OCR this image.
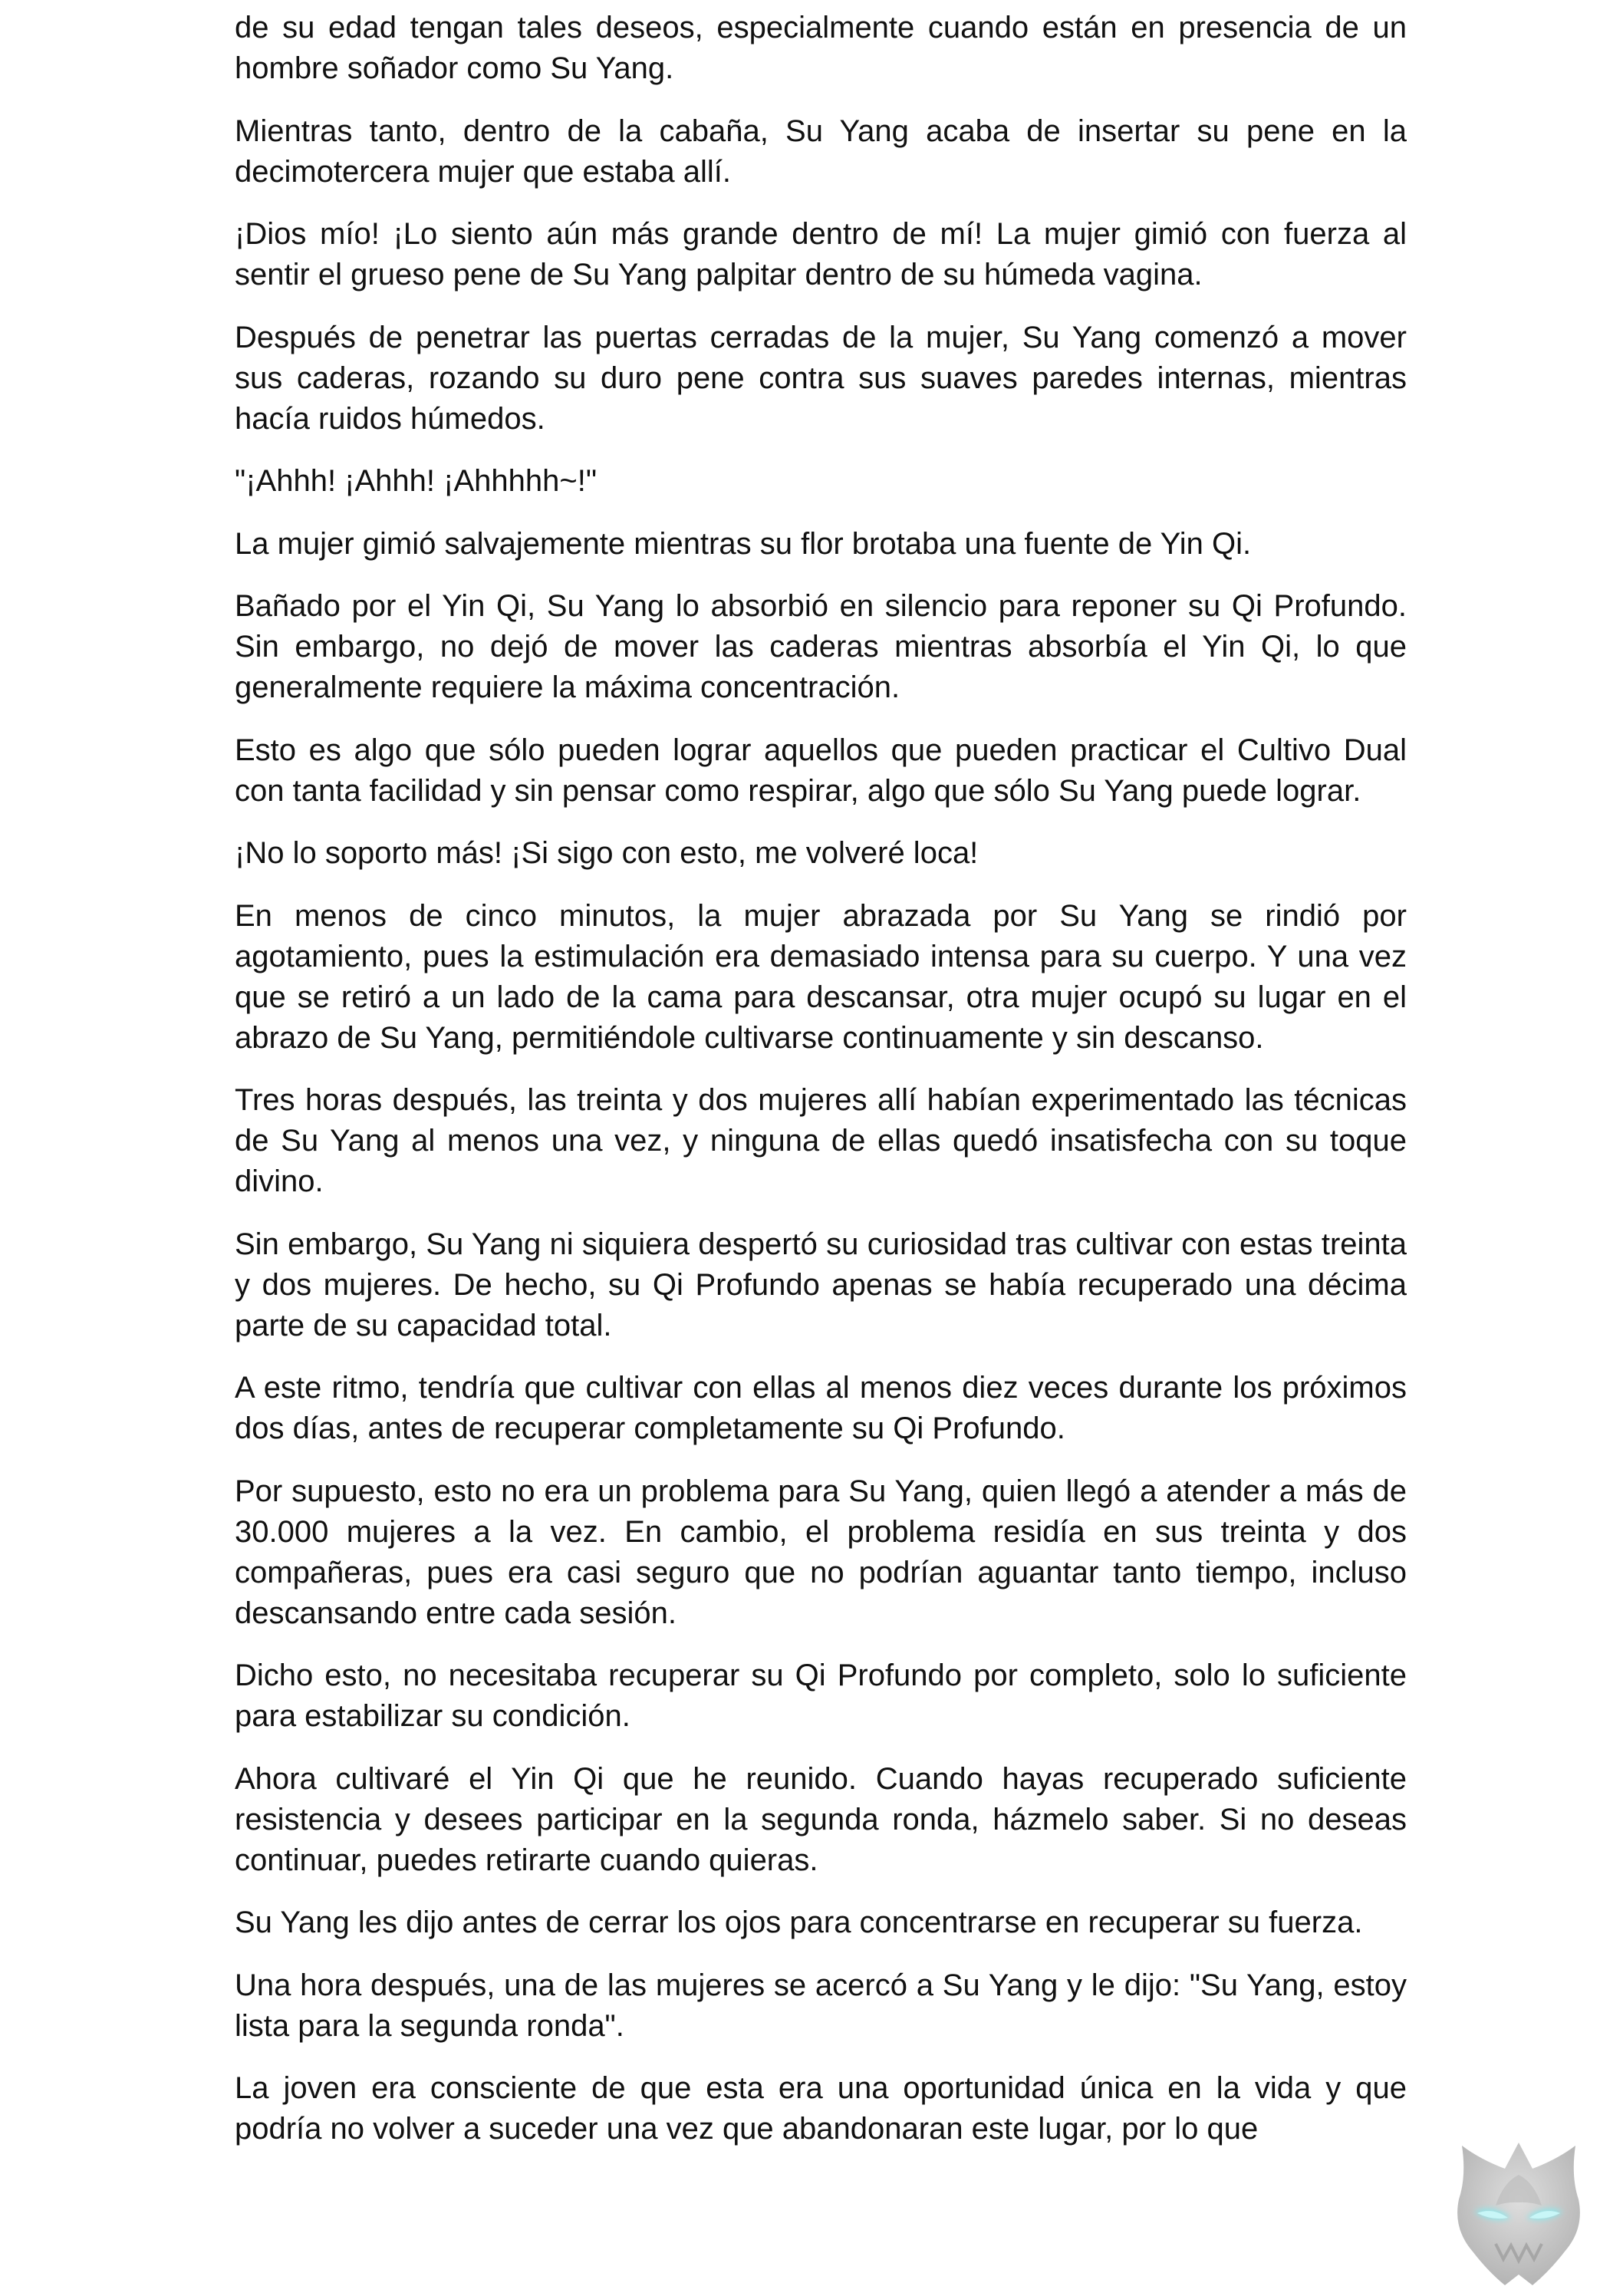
de su edad tengan tales deseos, especialmente cuando están en presencia de un hombre soñador como Su Yang.

Mientras tanto, dentro de la cabaña, Su Yang acaba de insertar su pene en la decimotercera mujer que estaba allí.

¡Dios mío! ¡Lo siento aún más grande dentro de mí! La mujer gimió con fuerza al sentir el grueso pene de Su Yang palpitar dentro de su húmeda vagina.

Después de penetrar las puertas cerradas de la mujer, Su Yang comenzó a mover sus caderas, rozando su duro pene contra sus suaves paredes internas, mientras hacía ruidos húmedos.

"¡Ahhh! ¡Ahhh! ¡Ahhhhh~!"

La mujer gimió salvajemente mientras su flor brotaba una fuente de Yin Qi.

Bañado por el Yin Qi, Su Yang lo absorbió en silencio para reponer su Qi Profundo. Sin embargo, no dejó de mover las caderas mientras absorbía el Yin Qi, lo que generalmente requiere la máxima concentración.

Esto es algo que sólo pueden lograr aquellos que pueden practicar el Cultivo Dual con tanta facilidad y sin pensar como respirar, algo que sólo Su Yang puede lograr.

¡No lo soporto más! ¡Si sigo con esto, me volveré loca!

En menos de cinco minutos, la mujer abrazada por Su Yang se rindió por agotamiento, pues la estimulación era demasiado intensa para su cuerpo. Y una vez que se retiró a un lado de la cama para descansar, otra mujer ocupó su lugar en el abrazo de Su Yang, permitiéndole cultivarse continuamente y sin descanso.

Tres horas después, las treinta y dos mujeres allí habían experimentado las técnicas de Su Yang al menos una vez, y ninguna de ellas quedó insatisfecha con su toque divino.

Sin embargo, Su Yang ni siquiera despertó su curiosidad tras cultivar con estas treinta y dos mujeres. De hecho, su Qi Profundo apenas se había recuperado una décima parte de su capacidad total.

A este ritmo, tendría que cultivar con ellas al menos diez veces durante los próximos dos días, antes de recuperar completamente su Qi Profundo.

Por supuesto, esto no era un problema para Su Yang, quien llegó a atender a más de 30.000 mujeres a la vez. En cambio, el problema residía en sus treinta y dos compañeras, pues era casi seguro que no podrían aguantar tanto tiempo, incluso descansando entre cada sesión.

Dicho esto, no necesitaba recuperar su Qi Profundo por completo, solo lo suficiente para estabilizar su condición.

Ahora cultivaré el Yin Qi que he reunido. Cuando hayas recuperado suficiente resistencia y desees participar en la segunda ronda, házmelo saber. Si no deseas continuar, puedes retirarte cuando quieras.

Su Yang les dijo antes de cerrar los ojos para concentrarse en recuperar su fuerza.

Una hora después, una de las mujeres se acercó a Su Yang y le dijo: "Su Yang, estoy lista para la segunda ronda".

La joven era consciente de que esta era una oportunidad única en la vida y que podría no volver a suceder una vez que abandonaran este lugar, por lo que
